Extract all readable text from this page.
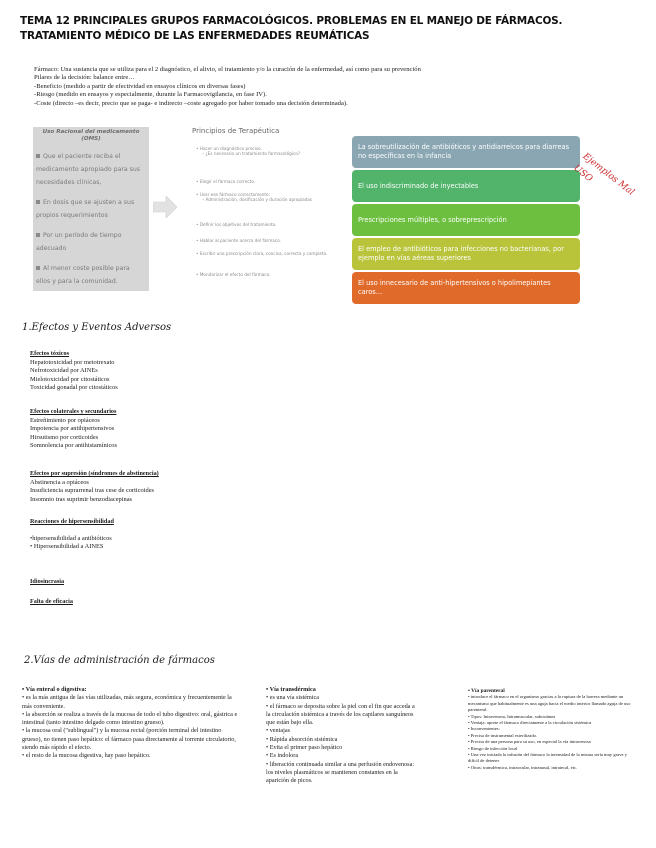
TEMA 12 PRINCIPALES GRUPOS FARMACOLÓGICOS. PROBLEMAS EN EL MANEJO DE FÁRMACOS. TRATAMIENTO MÉDICO DE LAS ENFERMEDADES REUMÁTICAS
Fármaco: Una sustancia que se utiliza para el 2 diagnóstico, el alivio, el tratamiento y/o la curación de la enfermedad, así como para su prevención
Pilares de la decisión: balance entre…
-Beneficio (medido a partir de efectividad en ensayos clínicos en diversas fases)
-Riesgo (medido en ensayos y especialmente, durante la Farmacovigilancia, en fase IV).
-Coste (directo –es decir, precio que se paga- e indirecto –coste agregado por haber tomado una decisión determinada).
Uso Racional del medicamento (OMS)
Que el paciente reciba el medicamento apropiado para sus necesidades clínicas,
En dosis que se ajusten a sus propios requerimientos
Por un período de tiempo adecuado
Al menor coste posible para ellos y para la comunidad.
Principios de Terapéutica
• Hacer un diagnóstico preciso.
– ¿Es necesario un tratamiento farmacológico?
• Elegir el fármaco correcto.
• Usar ese fármaco correctamente:
– Administración, dosificación y duración apropiadas
• Definir los objetivos del tratamiento.
• Hablar al paciente acerca del fármaco.
• Escribir una prescripción clara, concisa, correcta y completa.
• Monitorizar el efecto del fármaco.
La sobreutilización de antibióticos y antidiarreicos para diarreas no específicas en la infancia
El uso indiscriminado de inyectables
Prescripciones múltiples, o sobreprescripción
El empleo de antibióticos para infecciones no bacterianas, por ejemplo en vías aéreas superiores
El uso innecesario de anti-hipertensivos o hipolimepiantes caros…
Ejemplos Mal USO
1.Efectos y Eventos Adversos
Efectos tóxicos
Hepatotoxicidad por metotrexato
Nefrotoxicidad por AINEs
Mielotoxicidad por citostáticos
Toxicidad gonadal por citostáticos
Efectos colaterales y secundarios
Estreñimiento por opiáceos
Impotencia por antihipertensivos
Hirsutismo por corticoides
Somnolencia por antihistamínicos
Efectos por supresión (síndromes de abstinencia)
Abstinencia a opiáceos
Insuficiencia suprarrenal tras cese de corticoides
Insomnio tras suprimir benzodiacepinas
Reacciones de hipersensibilidad
•hipersensibilidad a antibióticos
• Hipersensibilidad a AINES
Idiosincrasia
Falta de eficacia
2.Vías de administración de fármacos
• Vía enteral o digestiva:
• es la más antigua de las vías utilizadas, más segura, económica y frecuentemente la más conveniente.
• la absorción se realiza a través de la mucosa de todo el tubo digestivo: oral, gástrica e intestinal (tanto intestino delgado como intestino grueso).
• la mucosa oral ("sublingual") y la mucosa rectal (porción terminal del intestino grueso), no tienen paso hepático: el fármaco pasa directamente al torrente circulatorio, siendo más rápido el efecto.
• el resto de la mucosa digestiva, hay paso hepático.
• Vía transdérmica
• es una vía sistémica
• el fármaco se deposita sobre la piel con el fin que acceda a la circulación sistémica a través de los capilares sanguíneos que están bajo ella.
• ventajas
• Rápida absorción sistémica
• Evita el primer paso hepático
• Es indolora
• liberación continuada similar a una perfusión endovenosa: los niveles plasmáticos se mantienen constantes en la aparición de picos.
• Vía parenteral
• introduce el fármaco en el organismo gracias a la ruptura de la barrera mediante un mecanismo que habitualmente es una aguja hacia el medio interior llamado aguja de uso parenteral.
• Tipos: Intravenosa, Intramuscular, subcutánea
• Ventaja: aporte el fármaco directamente a la circulación sistémica
• Inconvenientes:
• Precisa de instrumental esterilizado.
• Precisa de una persona para su uso, en especial la vía intravenosa
• Riesgo de infección local
• Una vez iniciada la infusión del fármaco la intensidad de la misma sería muy grave y difícil de detener
• Otras: transdérmica, intraocular, intranasal, intratecal, etc.
